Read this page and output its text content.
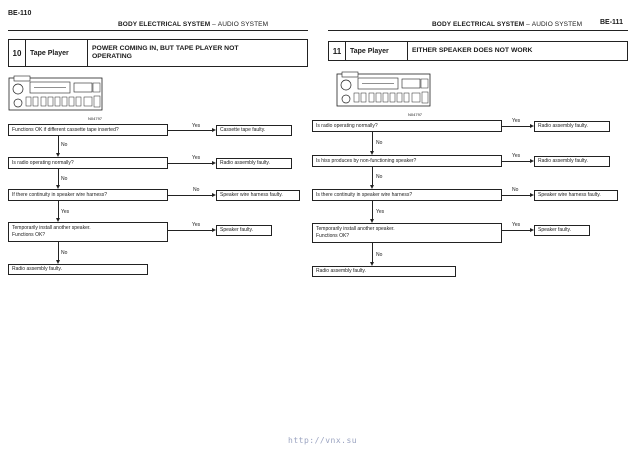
BE-110
BODY ELECTRICAL SYSTEM – AUDIO SYSTEM
10	Tape Player
POWER COMING IN, BUT TAPE PLAYER NOT
OPERATING
N04797
Functions OK if different cassette tape inserted?
Yes
Cassette tape faulty.
No
Is radio operating normally?
Yes
Radio assembly faulty.
No
If there continuity in speaker wire harness?
No
Speaker wire harness faulty.
Yes
Temporarily install another speaker.
Functions OK?
Yes
Speaker faulty.
No
Radio assembly faulty.
BE-111
BODY ELECTRICAL SYSTEM – AUDIO SYSTEM
11	Tape Player	EITHER SPEAKER DOES NOT WORK
N04797
Is radio operating normally?
Yes
Radio assembly faulty.
No
Is hiss produces by non-functioning speaker?
Yes
Radio assembly faulty.
No
Is there continuity in speaker wire harness?
No
Speaker wire harness faulty.
Yes
Temporarily install another speaker.
Functions OK?
Yes
Speaker faulty.
No
Radio assembly faulty.
http://vnx.su
